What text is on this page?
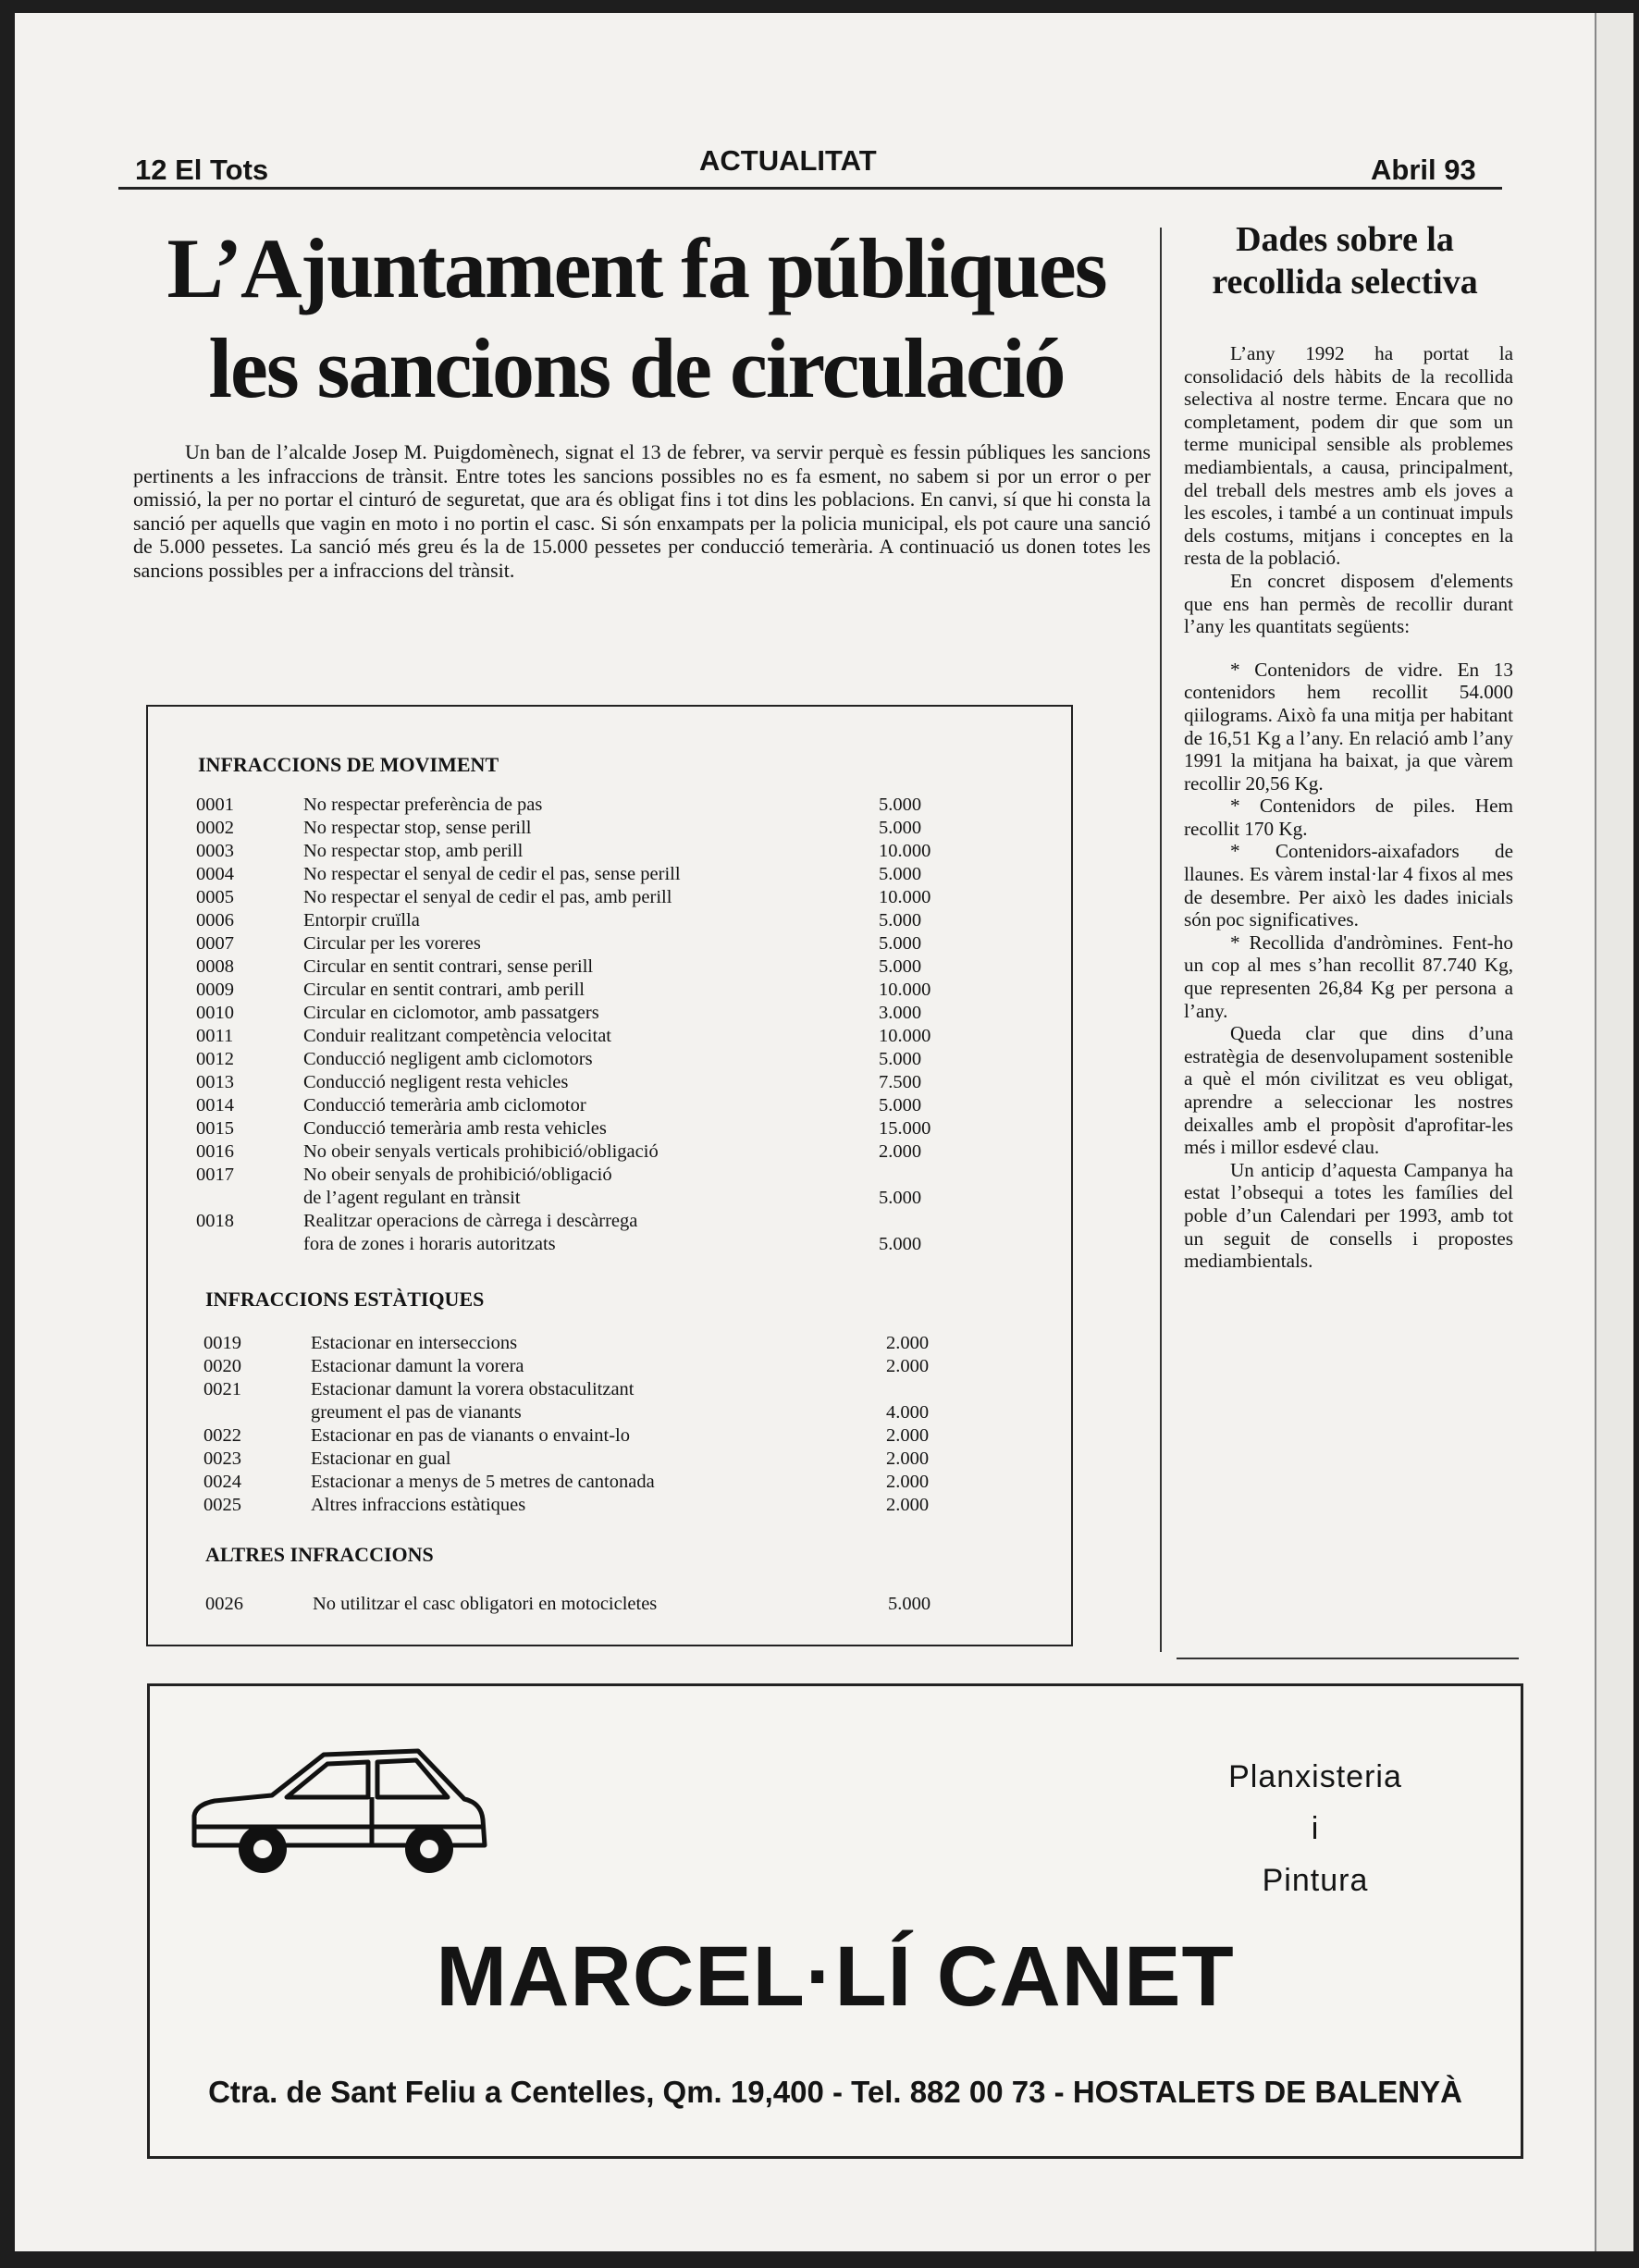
12 El Tots	ACTUALITAT	Abril 93
L’Ajuntament fa públiques
les sancions de circulació
Un ban de l’alcalde Josep M. Puigdomènech, signat el 13 de febrer, va servir perquè es fessin públiques les sancions pertinents a les infraccions de trànsit. Entre totes les sancions possibles no es fa esment, no sabem si por un error o per omissió, la per no portar el cinturó de seguretat, que ara és obligat fins i tot dins les poblacions. En canvi, sí que hi consta la sanció per aquells que vagin en moto i no portin el casc. Si són enxampats per la policia municipal, els pot caure una sanció de 5.000 pessetes. La sanció més greu és la de 15.000 pessetes per conducció temerària. A continuació us donen totes les sancions possibles per a infraccions del trànsit.
INFRACCIONS DE MOVIMENT
0001	No respectar preferència de pas	5.000
0002	No respectar stop, sense perill	5.000
0003	No respectar stop, amb perill	10.000
0004	No respectar el senyal de cedir el pas, sense perill	5.000
0005	No respectar el senyal de cedir el pas, amb perill	10.000
0006	Entorpir cruïlla	5.000
0007	Circular per les voreres	5.000
0008	Circular en sentit contrari, sense perill	5.000
0009	Circular en sentit contrari, amb perill	10.000
0010	Circular en ciclomotor, amb passatgers	3.000
0011	Conduir realitzant competència velocitat	10.000
0012	Conducció negligent amb ciclomotors	5.000
0013	Conducció negligent resta vehicles	7.500
0014	Conducció temerària amb ciclomotor	5.000
0015	Conducció temerària amb resta vehicles	15.000
0016	No obeir senyals verticals prohibició/obligació	2.000
0017	No obeir senyals de prohibició/obligació
de l’agent regulant en trànsit	5.000
0018	Realitzar operacions de càrrega i descàrrega
fora de zones i horaris autoritzats	5.000
INFRACCIONS ESTÀTIQUES
0019	Estacionar en interseccions	2.000
0020	Estacionar damunt la vorera	2.000
0021	Estacionar damunt la vorera obstaculitzant
greument el pas de vianants	4.000
0022	Estacionar en pas de vianants o envaint-lo	2.000
0023	Estacionar en gual	2.000
0024	Estacionar a menys de 5 metres de cantonada	2.000
0025	Altres infraccions estàtiques	2.000
ALTRES INFRACCIONS
0026	No utilitzar el casc obligatori en motocicletes	5.000
Dades sobre la recollida selectiva

L’any 1992 ha portat la consolidació dels hàbits de la recollida selectiva al nostre terme. Encara que no completament, podem dir que som un terme municipal sensible als problemes mediambientals, a causa, principalment, del treball dels mestres amb els joves a les escoles, i també a un continuat impuls dels costums, mitjans i conceptes en la resta de la població.

En concret disposem d'elements que ens han permès de recollir durant l’any les quantitats següents:

* Contenidors de vidre. En 13 contenidors hem recollit 54.000 qiilograms. Això fa una mitja per habitant de 16,51 Kg a l’any. En relació amb l’any 1991 la mitjana ha baixat, ja que vàrem recollir 20,56 Kg.

* Contenidors de piles. Hem recollit 170 Kg.

* Contenidors-aixafadors de llaunes. Es vàrem instal·lar 4 fixos al mes de desembre. Per això les dades inicials són poc significatives.

* Recollida d'andròmines. Fent-ho un cop al mes s’han recollit 87.740 Kg, que representen 26,84 Kg per persona a l’any.

Queda clar que dins d’una estratègia de desenvolupament sostenible a què el món civilitzat es veu obligat, aprendre a seleccionar les nostres deixalles amb el propòsit d'aprofitar-les més i millor esdevé clau.

Un anticip d’aquesta Campanya ha estat l’obsequi a totes les famílies del poble d’un Calendari per 1993, amb tot un seguit de consells i propostes mediambientals.

Planxisteria
i
Pintura
MARCEL·LÍ CANET
Ctra. de Sant Feliu a Centelles, Qm. 19,400 - Tel. 882 00 73 - HOSTALETS DE BALENYÀ
